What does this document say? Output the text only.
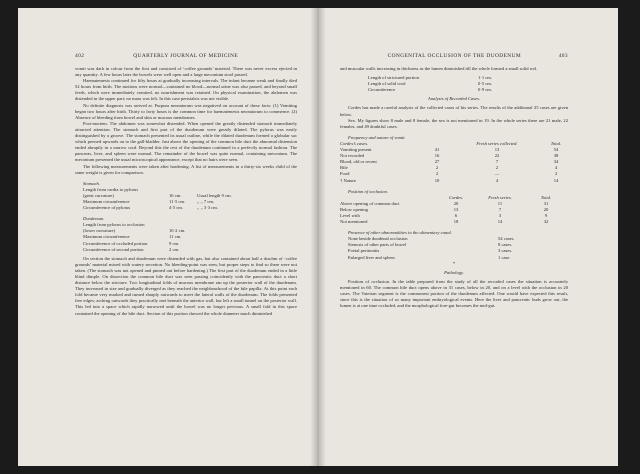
402	QUARTERLY JOURNAL OF MEDICINE

vomit was dark in colour from the first and consisted of ‘coffee grounds’ material. There was never excess ejected in any quantity. A few hours later the bowels were well open and a large meconium stool passed.

Haematemesis continued for fifty hours at gradually increasing intervals. The infant became weak and finally died 52 hours from birth. The motions were normal—contained no blood—normal urine was also passed, and beyond small feeds, which were immediately vomited, no nourishment was retained. On physical examination, the abdomen was distended in the upper part; no mass was felt. In this case peristalsis was not visible.

No definite diagnosis was arrived at. Purpura neonatorum was negatived on account of these facts: (1) Vomiting began two hours after birth. Thirty to forty hours is the common time for haematemesis neonatorum to commence. (2) Absence of bleeding from bowel and skin or mucous membranes.

Post-mortem. The abdomen was somewhat distended. When opened the greatly distended stomach immediately attracted attention. The stomach and first part of the duodenum were greatly dilated. The pylorus was easily distinguished by a groove. The stomach presented its usual outline, while the dilated duodenum formed a globular sac which pressed upwards on to the gall-bladder. Just above the opening of the common bile duct the abnormal distension ended abruptly in a narrow cord. Beyond this the rest of the duodenum continued in a perfectly normal fashion. The pancreas, liver, and spleen were normal. The remainder of the bowel was quite normal, containing meconium. The meconium presented the usual microscopical appearance, except that no hairs were seen.

The following measurements were taken after hardening. A list of measurements in a thirty-six weeks child of the same weight is given for comparison.

Stomach.

Length from cardia to pylorus
(great curvature)	16 cm.	Usual length 9 cm.
Maximum circumference	11·5 cm.	,, ,, 7 cm.
Circumference of pylorus	4·5 cm.	,, ,, 3·3 cm.

Duodenum.

Length from pylorus to occlusion
(lower curvature)	10·2 cm.
Maximum circumference	11 cm.
Circumference of occluded portion	9 cm.
Circumference of second portion	2 cm.

On section the stomach and duodenum were distended with gas, but also contained about half a drachm of ‘coffee grounds’ material mixed with watery secretion. No bleeding-point was seen, but proper steps to find so there were not taken. (The stomach was not opened and pinned out before hardening.) The first part of the duodenum ended in a little blind dimple. On dissection the common bile duct was seen passing coincidently with the pancreatic duct a short distance below the stricture. Two longitudinal folds of mucous membrane ran up the posterior wall of the duodenum. They increased in size and gradually diverged as they reached the neighbourhood of the bile papilla. At this point each fold became very marked and turned sharply outwards to meet the lateral walls of the duodenum. The folds presented free edges; arching outwards they practically met beneath the anterior wall, but left a small tunnel on the posterior wall. This led into a space which rapidly narrowed until the bowel was no longer pervious. A small fold in this space contained the opening of the bile duct. Section of this portion showed the whole diameter much diminished

CONGENITAL OCCLUSION OF THE DUODENUM	403

and muscular walls increasing in thickness as the lumen diminished till the whole formed a small solid rod.

Length of strictured portion	1·1 cm.
Length of solid cord	0·5 cm.
Circumference	0·9 cm.

Analysis of Recorded Cases.

Cordes has made a careful analysis of the collected cases of his series. The results of the additional 35 cases are given below.

Sex. My figures show 8 male and 8 female, the sex is not mentioned in 19. In the whole series there are 21 male, 22 females, and 49 doubtful cases.

Frequency and nature of vomit.

Cordes’s cases.	Fresh series collected.	Total.
Vomiting present	41	13	54
Not recorded	16	22	38
Blood, old or recent	27	7	34
Bile	2	2	4
Food	2	—	2
† Nature	10	4	14

Position of occlusion.

Cordes.	Fresh series.	Total.
Above opening of common duct	20	11	31
Below opening	13	7	20
Level with	6	3	9
Not mentioned	18	14	32

Presence of other abnormalities in the alimentary canal.

None beside duodenal occlusion	54 cases.
Stenosis of other parts of bowel	8 cases.
Foetal peritonitis	3 cases.
Enlarged liver and spleen	1 case.
*

Pathology.

Position of occlusion. In the table prepared from the study of all the recorded cases the situation is accurately mentioned in 60. The common bile duct opens above in 31 cases, below in 20, and on a level with the occlusion in 20 cases. The Vaterian segment is the commonest portion of the duodenum affected. One would have expected this result, since this is the situation of so many important embryological events. Here the liver and pancreatic buds grow out, the lumen is at one time occluded, and the morphological fore-gut becomes the mid-gut.
